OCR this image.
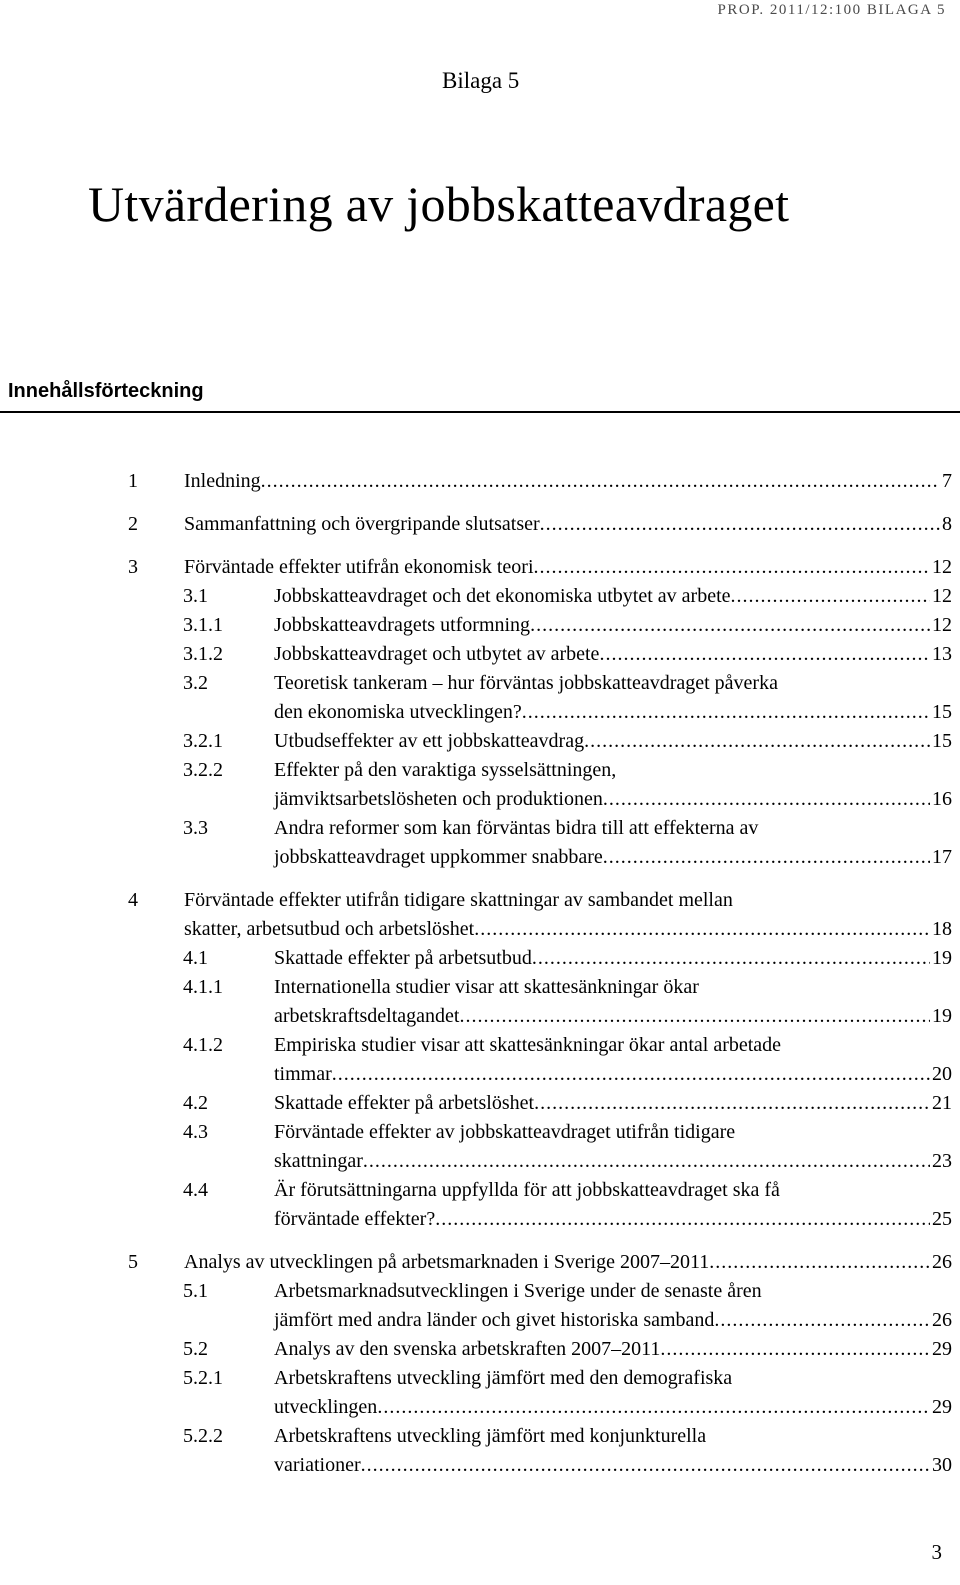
PROP. 2011/12:100 BILAGA 5
Bilaga 5
Utvärdering av jobbskatteavdraget
Innehållsförteckning
1 Inledning .....	7
2 Sammanfattning och övergripande slutsatser .....	8
3 Förväntade effekter utifrån ekonomisk teori .....	12
3.1	Jobbskatteavdraget och det ekonomiska utbytet av arbete .....	12
3.1.1	Jobbskatteavdragets utformning .....	12
3.1.2	Jobbskatteavdraget och utbytet av arbete .....	13
3.2	Teoretisk tankeram – hur förväntas jobbskatteavdraget påverka
den ekonomiska utvecklingen? .....	15
3.2.1	Utbudseffekter av ett jobbskatteavdrag .....	15
3.2.2	Effekter på den varaktiga sysselsättningen,
jämviktsarbetslösheten och produktionen .....	16
3.3	Andra reformer som kan förväntas bidra till att effekterna av
jobbskatteavdraget uppkommer snabbare .....	17
4 Förväntade effekter utifrån tidigare skattningar av sambandet mellan
skatter, arbetsutbud och arbetslöshet .....	18
4.1	Skattade effekter på arbetsutbud .....	19
4.1.1	Internationella studier visar att skattesänkningar ökar
arbetskraftsdeltagandet .....	19
4.1.2	Empiriska studier visar att skattesänkningar ökar antal arbetade
timmar .....	20
4.2	Skattade effekter på arbetslöshet .....	21
4.3	Förväntade effekter av jobbskatteavdraget utifrån tidigare
skattningar .....	23
4.4	Är förutsättningarna uppfyllda för att jobbskatteavdraget ska få
förväntade effekter? .....	25
5 Analys av utvecklingen på arbetsmarknaden i Sverige 2007–2011 .....	26
5.1	Arbetsmarknadsutvecklingen i Sverige under de senaste åren
jämfört med andra länder och givet historiska samband .....	26
5.2	Analys av den svenska arbetskraften 2007–2011 .....	29
5.2.1	Arbetskraftens utveckling jämfört med den demografiska
utvecklingen .....	29
5.2.2	Arbetskraftens utveckling jämfört med konjunkturella
variationer .....	30
3
